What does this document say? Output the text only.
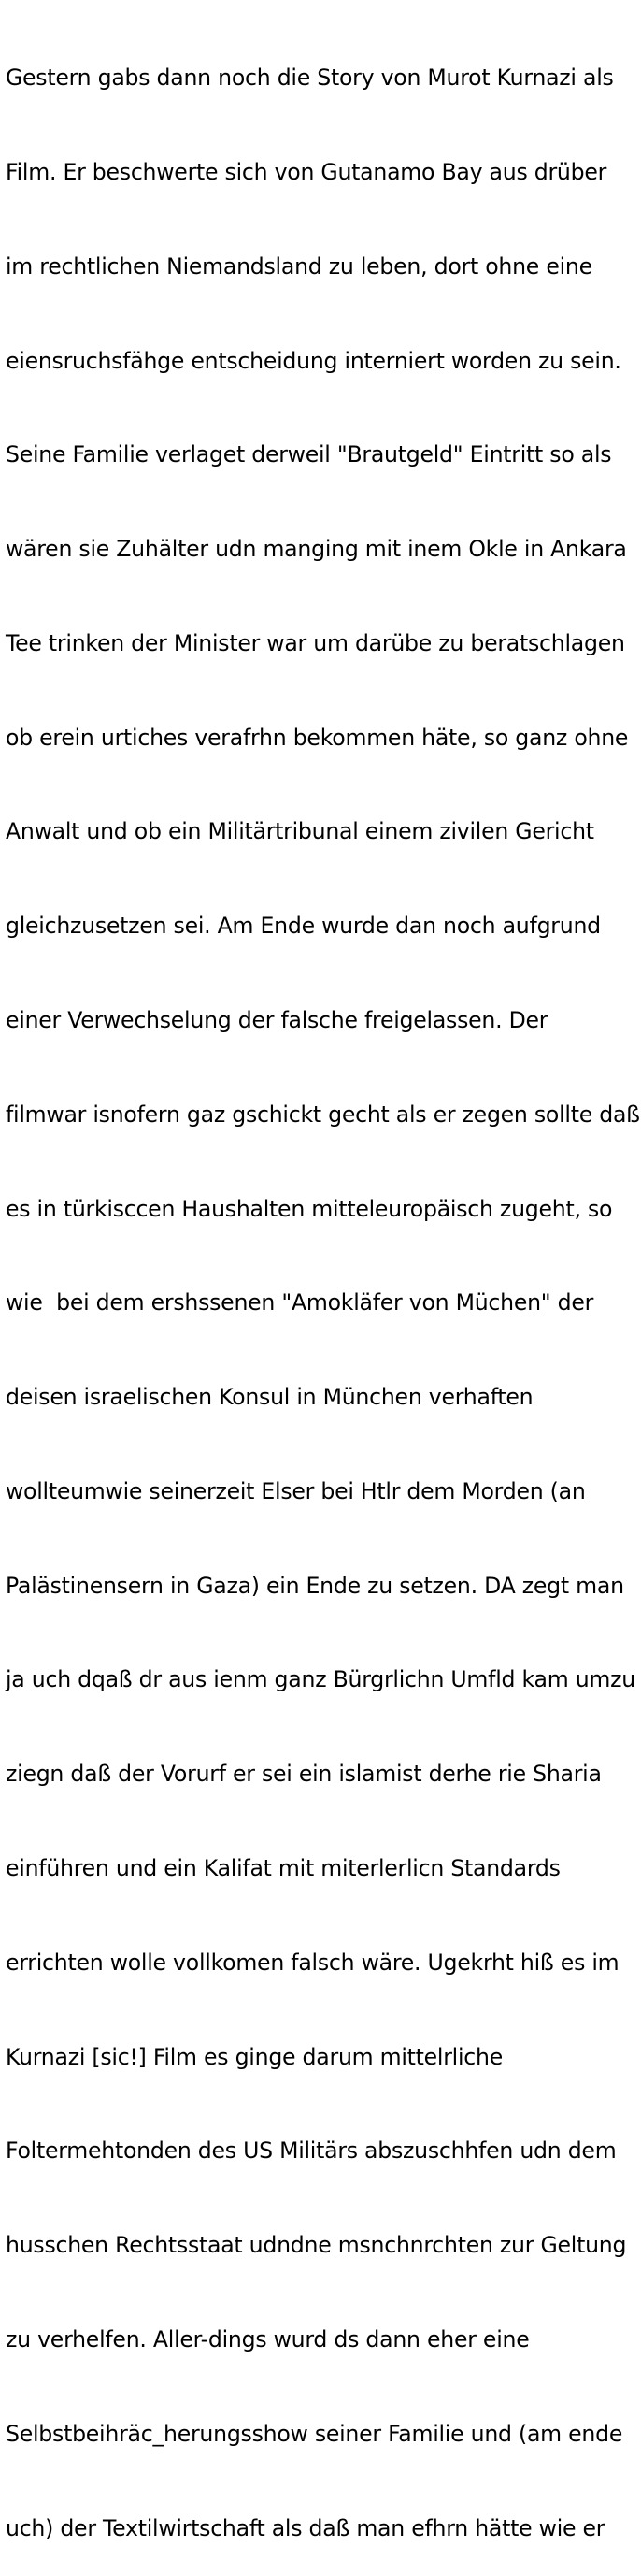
Gestern gabs dann noch die Story von Murot Kurnazi als

Film. Er beschwerte sich von Gutanamo Bay aus drüber

im rechtlichen Niemandsland zu leben, dort ohne eine

eiensruchsfähge entscheidung interniert worden zu sein.

Seine Familie verlaget derweil "Brautgeld" Eintritt so als

wären sie Zuhälter udn manging mit inem Okle in Ankara

Tee trinken der Minister war um darübe zu beratschlagen

ob erein urtiches verafrhn bekommen häte, so ganz ohne

Anwalt und ob ein Militärtribunal einem zivilen Gericht

gleichzusetzen sei. Am Ende wurde dan noch aufgrund

einer Verwechselung der falsche freigelassen. Der

filmwar isnofern gaz gschickt gecht als er zegen sollte daß

es in türkisccen Haushalten mitteleuropäisch zugeht, so

wie  bei dem ershssenen "Amokläfer von Müchen" der

deisen israelischen Konsul in München verhaften

wollteumwie seinerzeit Elser bei Htlr dem Morden (an

Palästinensern in Gaza) ein Ende zu setzen. DA zegt man

ja uch dqaß dr aus ienm ganz Bürgrlichn Umfld kam umzu

ziegn daß der Vorurf er sei ein islamist derhe rie Sharia

einführen und ein Kalifat mit miterlerlicn Standards

errichten wolle vollkomen falsch wäre. Ugekrht hiß es im

Kurnazi [sic!] Film es ginge darum mittelrliche

Foltermehtonden des US Militärs abszuschhfen udn dem

husschen Rechtsstaat udndne msnchnrchten zur Geltung

zu verhelfen. Aller-dings wurd ds dann eher eine

Selbstbeihräc_herungsshow seiner Familie und (am ende

uch) der Textilwirtschaft als daß man efhrn hätte wie er
